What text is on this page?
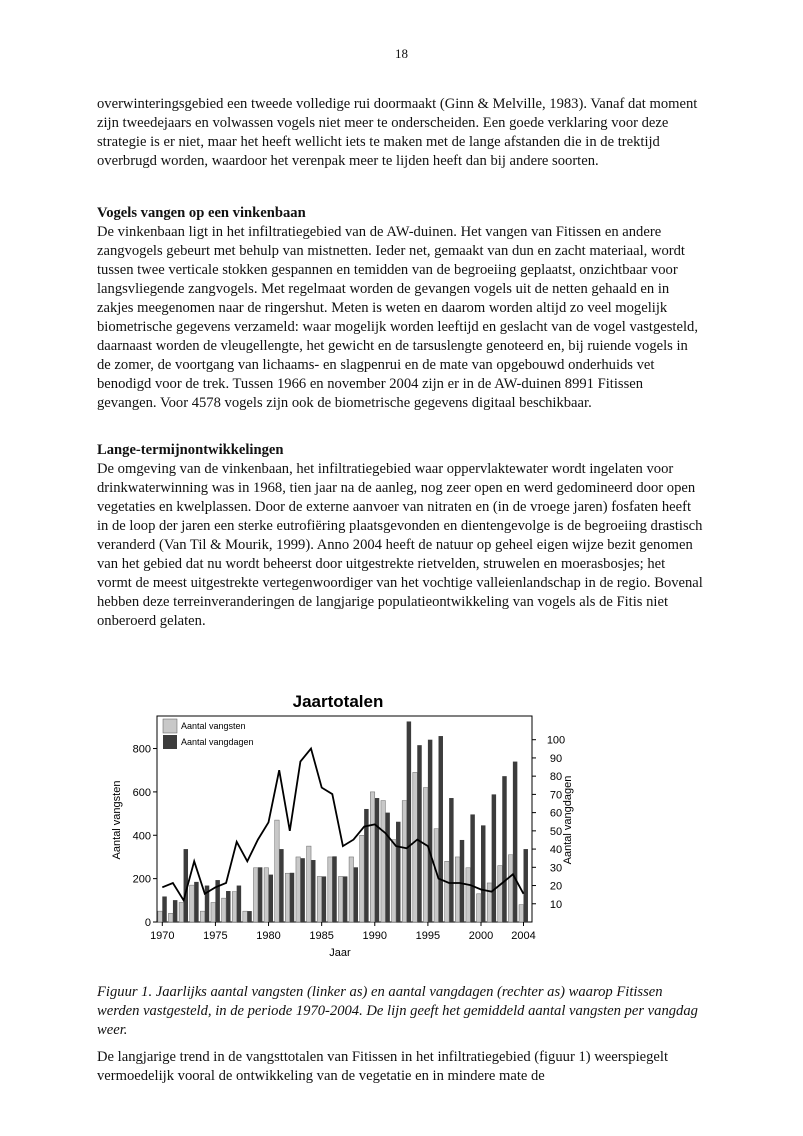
18

overwinteringsgebied een tweede volledige rui doormaakt (Ginn & Melville, 1983). Vanaf dat moment zijn tweedejaars en volwassen vogels niet meer te onderscheiden. Een goede verklaring voor deze strategie is er niet, maar het heeft wellicht iets te maken met de lange afstanden die in de trektijd overbrugd worden, waardoor het verenpak meer te lijden heeft dan bij andere soorten.

Vogels vangen op een vinkenbaan

De vinkenbaan ligt in het infiltratiegebied van de AW-duinen. Het vangen van Fitissen en andere zangvogels gebeurt met behulp van mistnetten. Ieder net, gemaakt van dun en zacht materiaal, wordt tussen twee verticale stokken gespannen en temidden van de begroeiing geplaatst, onzichtbaar voor langsvliegende zangvogels. Met regelmaat worden de gevangen vogels uit de netten gehaald en in zakjes meegenomen naar de ringershut. Meten is weten en daarom worden altijd zo veel mogelijk biometrische gegevens verzameld: waar mogelijk worden leeftijd en geslacht van de vogel vastgesteld, daarnaast worden de vleugellengte, het gewicht en de tarsuslengte genoteerd en, bij ruiende vogels in de zomer, de voortgang van lichaams- en slagpenrui en de mate van opgebouwd onderhuids vet benodigd voor de trek. Tussen 1966 en november 2004 zijn er in de AW-duinen 8991 Fitissen gevangen. Voor 4578 vogels zijn ook de biometrische gegevens digitaal beschikbaar.

Lange-termijnontwikkelingen

De omgeving van de vinkenbaan, het infiltratiegebied waar oppervlaktewater wordt ingelaten voor drinkwaterwinning was in 1968, tien jaar na de aanleg, nog zeer open en werd gedomineerd door open vegetaties en kwelplassen. Door de externe aanvoer van nitraten en (in de vroege jaren) fosfaten heeft in de loop der jaren een sterke eutrofiëring plaatsgevonden en dientengevolge is de begroeiing drastisch veranderd (Van Til & Mourik, 1999). Anno 2004 heeft de natuur op geheel eigen wijze bezit genomen van het gebied dat nu wordt beheerst door uitgestrekte rietvelden, struwelen en moerasbosjes; het vormt de meest uitgestrekte vertegenwoordiger van het vochtige valleienlandschap in de regio. Bovenal hebben deze terreinveranderingen de langjarige populatieontwikkeling van vogels als de Fitis niet onberoerd gelaten.

Jaartotalen
1970	1975	1980	1985	1990	1995	2000 2004
0
200
400
600
800
10
20
30
40
50
60
70
80
90
100
Aantal vangsten
Aantal vangdagen
Jaar
Aantal vangsten	Aantal vangdagen
Figuur 1. Jaarlijks aantal vangsten (linker as) en aantal vangdagen (rechter as) waarop Fitissen werden vastgesteld, in de periode 1970-2004. De lijn geeft het gemiddeld aantal vangsten per vangdag weer.
De langjarige trend in de vangsttotalen van Fitissen in het infiltratiegebied (figuur 1) weerspiegelt vermoedelijk vooral de ontwikkeling van de vegetatie en in mindere mate de
